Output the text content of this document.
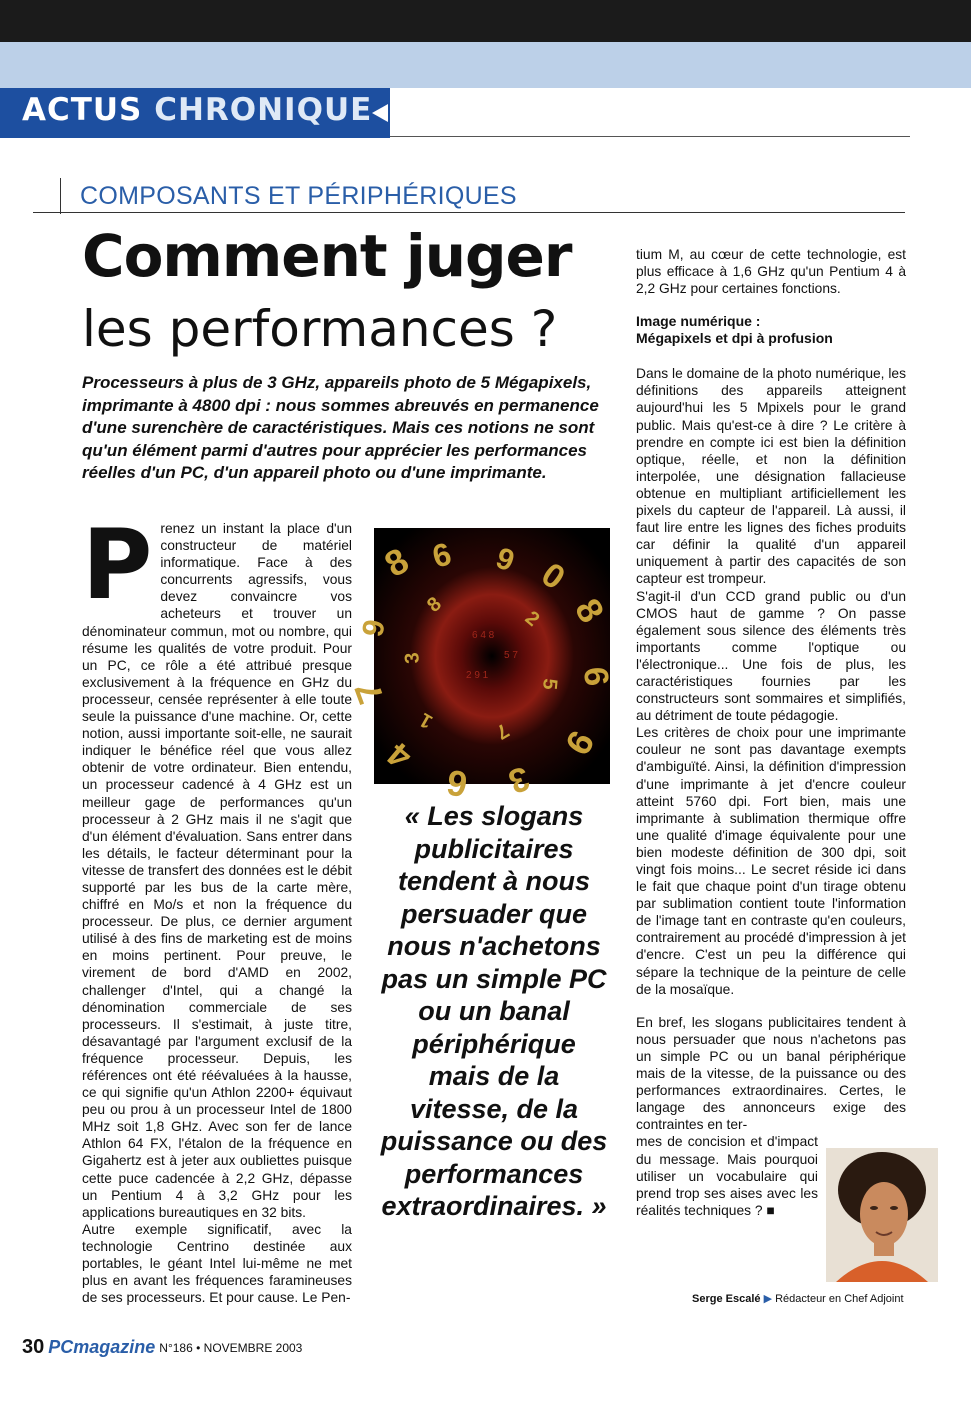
ACTUS CHRONIQUE
COMPOSANTS ET PÉRIPHÉRIQUES
Comment juger
les performances ?
Processeurs à plus de 3 GHz, appareils photo de 5 Mégapixels, imprimante à 4800 dpi : nous sommes abreuvés en permanence d'une surenchère de caractéristiques. Mais ces notions ne sont qu'un élément parmi d'autres pour apprécier les performances réelles d'un PC, d'un appareil photo ou d'une imprimante.

Prenez un instant la place d'un constructeur de matériel informatique. Face à des concurrents agressifs, vous devez convaincre vos acheteurs et trouver un dénominateur commun, mot ou nombre, qui résume les qualités de votre produit. Pour un PC, ce rôle a été attribué presque exclusivement à la fréquence en GHz du processeur, censée représenter à elle toute seule la puissance d'une machine. Or, cette notion, aussi importante soit-elle, ne saurait indiquer le bénéfice réel que vous allez obtenir de votre ordinateur. Bien entendu, un processeur cadencé à 4 GHz est un meilleur gage de performances qu'un processeur à 2 GHz mais il ne s'agit que d'un élément d'évaluation. Sans entrer dans les détails, le facteur déterminant pour la vitesse de transfert des données est le débit supporté par les bus de la carte mère, chiffré en Mo/s et non la fréquence du processeur. De plus, ce dernier argument utilisé à des fins de marketing est de moins en moins pertinent. Pour preuve, le virement de bord d'AMD en 2002, challenger d'Intel, qui a changé la dénomination commerciale de ses processeurs. Il s'estimait, à juste titre, désavantagé par l'argument exclusif de la fréquence processeur. Depuis, les références ont été réévaluées à la hausse, ce qui signifie qu'un Athlon 2200+ équivaut peu ou prou à un processeur Intel de 1800 MHz soit 1,8 GHz. Avec son fer de lance Athlon 64 FX, l'étalon de la fréquence en Gigahertz est à jeter aux oubliettes puisque cette puce cadencée à 2,2 GHz, dépasse un Pentium 4 à 3,2 GHz pour les applications bureautiques en 32 bits.

Autre exemple significatif, avec la technologie Centrino destinée aux portables, le géant Intel lui-même ne met plus en avant les fréquences faramineuses de ses processeurs. Et pour cause. Le Pen-

8 6 9 0
8
6
9
3
6
4
7
9
8
2
5
7
1
3
6 4 8
2 9 1
5 7
« Les slogans publicitaires tendent à nous persuader que nous n'achetons pas un simple PC ou un banal périphérique mais de la vitesse, de la puissance ou des performances extraordinaires. »

tium M, au cœur de cette technologie, est plus efficace à 1,6 GHz qu'un Pentium 4 à 2,2 GHz pour certaines fonctions.

Image numérique :
Mégapixels et dpi à profusion

Dans le domaine de la photo numérique, les définitions des appareils atteignent aujourd'hui les 5 Mpixels pour le grand public. Mais qu'est-ce à dire ? Le critère à prendre en compte ici est bien la définition optique, réelle, et non la définition interpolée, une désignation fallacieuse obtenue en multipliant artificiellement les pixels du capteur de l'appareil. Là aussi, il faut lire entre les lignes des fiches produits car définir la qualité d'un appareil uniquement à partir des capacités de son capteur est trompeur.

S'agit-il d'un CCD grand public ou d'un CMOS haut de gamme ? On passe également sous silence des éléments très importants comme l'optique ou l'électronique... Une fois de plus, les caractéristiques fournies par les constructeurs sont sommaires et simplifiés, au détriment de toute pédagogie.

Les critères de choix pour une imprimante couleur ne sont pas davantage exempts d'ambiguïté. Ainsi, la définition d'impression d'une imprimante à jet d'encre couleur atteint 5760 dpi. Fort bien, mais une imprimante à sublimation thermique offre une qualité d'image équivalente pour une bien modeste définition de 300 dpi, soit vingt fois moins... Le secret réside ici dans le fait que chaque point d'un tirage obtenu par sublimation contient toute l'information de l'image tant en contraste qu'en couleurs, contrairement au procédé d'impression à jet d'encre. C'est un peu la différence qui sépare la technique de la peinture de celle de la mosaïque.

En bref, les slogans publicitaires tendent à nous persuader que nous n'achetons pas un simple PC ou un banal périphérique mais de la vitesse, de la puissance ou des performances extraordinaires. Certes, le langage des annonceurs exige des contraintes en ter-

mes de concision et d'impact du message. Mais pourquoi utiliser un vocabulaire qui prend trop ses aises avec les réalités techniques ? ■

Serge Escalé ▶ Rédacteur en Chef Adjoint
30 PCmagazine N°186 • NOVEMBRE 2003
